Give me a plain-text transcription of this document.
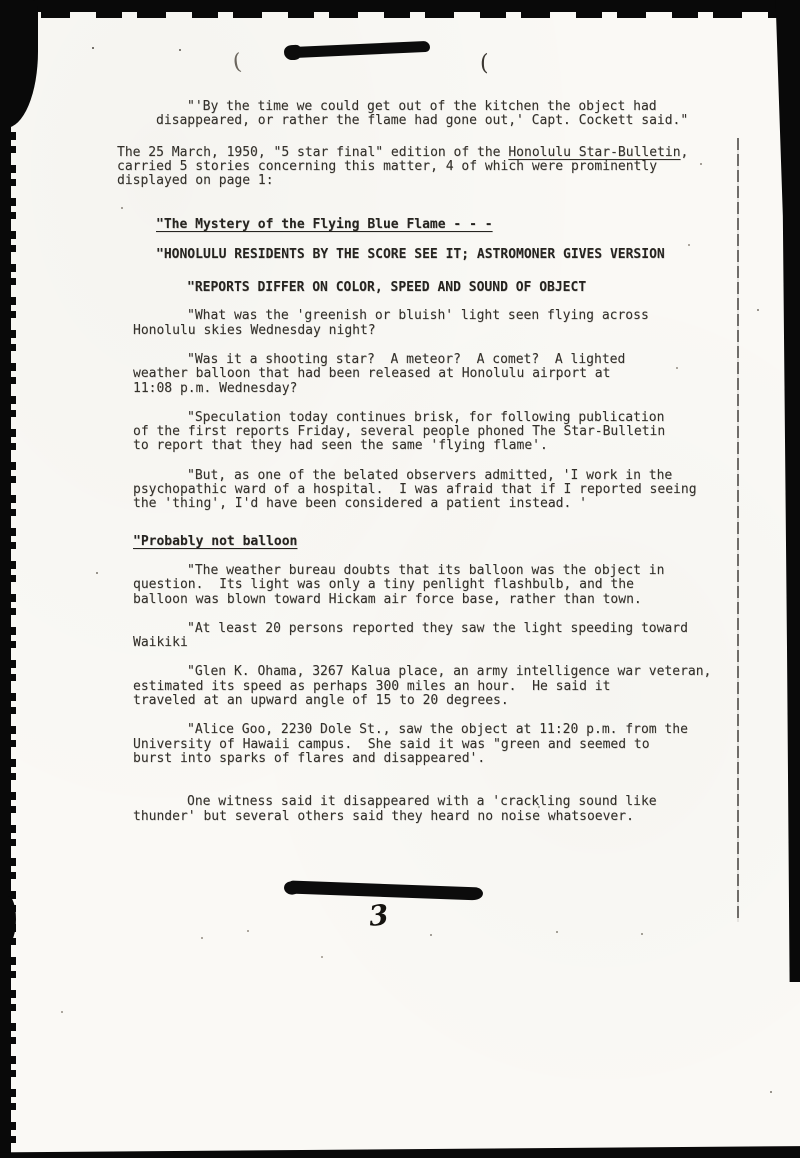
(	(
3
"'By the time we could get out of the kitchen the object had
disappeared, or rather the flame had gone out,' Capt. Cockett said."
The 25 March, 1950, "5 star final" edition of the Honolulu Star-Bulletin,
carried 5 stories concerning this matter, 4 of which were prominently
displayed on page 1:
"The Mystery of the Flying Blue Flame - - -
"HONOLULU RESIDENTS BY THE SCORE SEE IT; ASTROMONER GIVES VERSION
"REPORTS DIFFER ON COLOR, SPEED AND SOUND OF OBJECT
"What was the 'greenish or bluish' light seen flying across
Honolulu skies Wednesday night?
"Was it a shooting star?  A meteor?  A comet?  A lighted
weather balloon that had been released at Honolulu airport at
11:08 p.m. Wednesday?
"Speculation today continues brisk, for following publication
of the first reports Friday, several people phoned The Star-Bulletin
to report that they had seen the same 'flying flame'.
"But, as one of the belated observers admitted, 'I work in the
psychopathic ward of a hospital.  I was afraid that if I reported seeing
the 'thing', I'd have been considered a patient instead. '
"Probably not balloon
"The weather bureau doubts that its balloon was the object in
question.  Its light was only a tiny penlight flashbulb, and the
balloon was blown toward Hickam air force base, rather than town.
"At least 20 persons reported they saw the light speeding toward
Waikiki
"Glen K. Ohama, 3267 Kalua place, an army intelligence war veteran,
estimated its speed as perhaps 300 miles an hour.  He said it
traveled at an upward angle of 15 to 20 degrees.
"Alice Goo, 2230 Dole St., saw the object at 11:20 p.m. from the
University of Hawaii campus.  She said it was "green and seemed to
burst into sparks of flares and disappeared'.
One witness said it disappeared with a 'crackling sound like
thunder' but several others said they heard no noise whatsoever.
